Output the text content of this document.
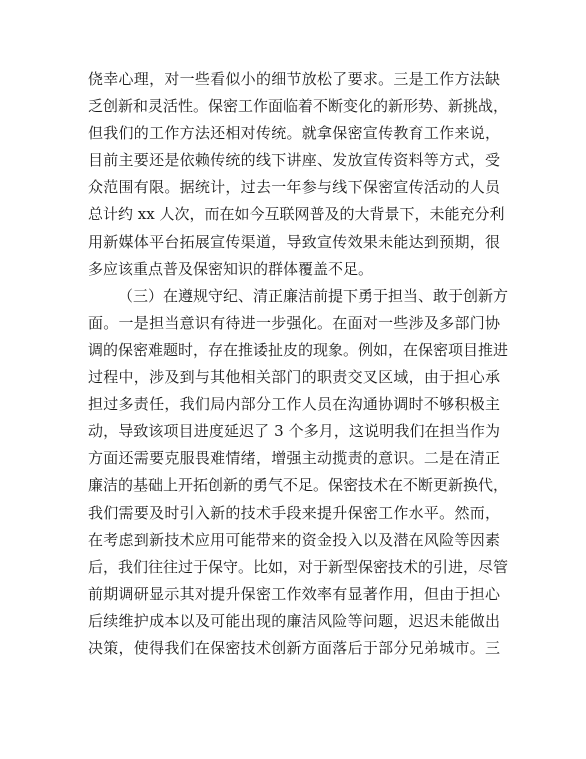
侥幸心理，对一些看似小的细节放松了要求。三是工作方法缺
乏创新和灵活性。保密工作面临着不断变化的新形势、新挑战，
但我们的工作方法还相对传统。就拿保密宣传教育工作来说，
目前主要还是依赖传统的线下讲座、发放宣传资料等方式，受
众范围有限。据统计，过去一年参与线下保密宣传活动的人员
总计约 xx 人次，而在如今互联网普及的大背景下，未能充分利
用新媒体平台拓展宣传渠道，导致宣传效果未能达到预期，很
多应该重点普及保密知识的群体覆盖不足。
（三）在遵规守纪、清正廉洁前提下勇于担当、敢于创新方
面。一是担当意识有待进一步强化。在面对一些涉及多部门协
调的保密难题时，存在推诿扯皮的现象。例如，在保密项目推进
过程中，涉及到与其他相关部门的职责交叉区域，由于担心承
担过多责任，我们局内部分工作人员在沟通协调时不够积极主
动，导致该项目进度延迟了 3 个多月，这说明我们在担当作为
方面还需要克服畏难情绪，增强主动揽责的意识。二是在清正
廉洁的基础上开拓创新的勇气不足。保密技术在不断更新换代，
我们需要及时引入新的技术手段来提升保密工作水平。然而，
在考虑到新技术应用可能带来的资金投入以及潜在风险等因素
后，我们往往过于保守。比如，对于新型保密技术的引进，尽管
前期调研显示其对提升保密工作效率有显著作用，但由于担心
后续维护成本以及可能出现的廉洁风险等问题，迟迟未能做出
决策，使得我们在保密技术创新方面落后于部分兄弟城市。三
